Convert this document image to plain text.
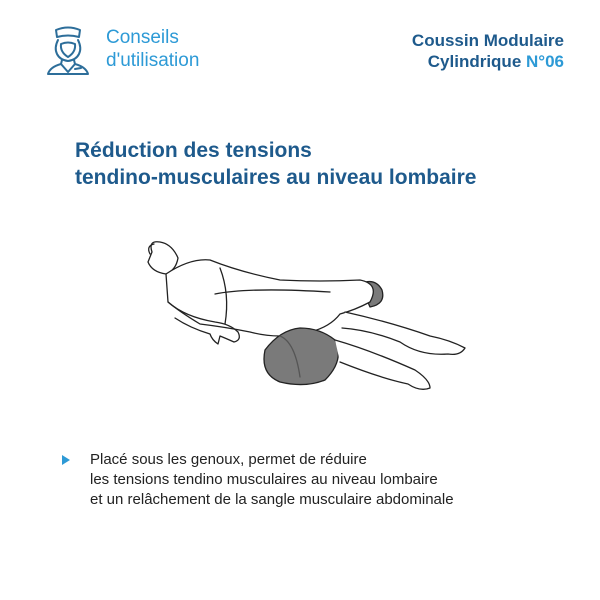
Conseils
d'utilisation
Coussin Modulaire
Cylindrique N°06
Réduction des tensions
tendino-musculaires au niveau lombaire
Placé sous les genoux, permet de réduire
les tensions tendino musculaires au niveau lombaire
et un relâchement de la sangle musculaire abdominale
